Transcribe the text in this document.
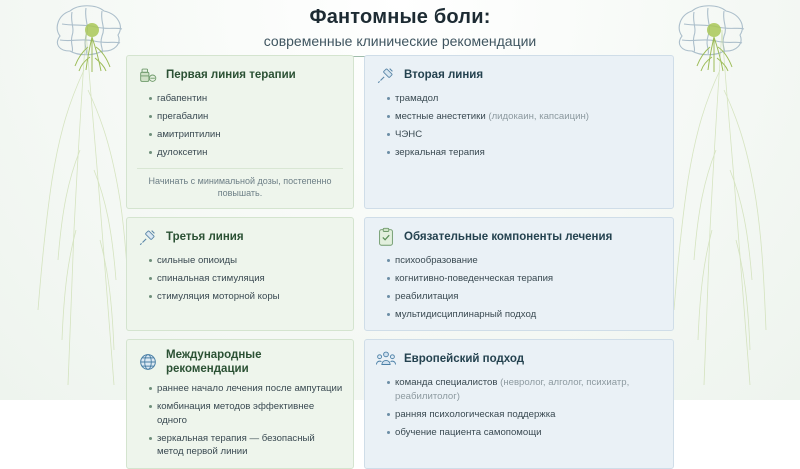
Фантомные боли:

современные клинические рекомендации

Первая линия терапии
габапентин
прегабалин
амитриптилин
дулоксетин
Начинать с минимальной дозы, постепенно повышать.
Вторая линия
трамадол
местные анестетики (лидокаин, капсаицин)
ЧЭНС
зеркальная терапия
Третья линия
сильные опиоиды
спинальная стимуляция
стимуляция моторной коры
Обязательные компоненты лечения
психообразование
когнитивно-поведенческая терапия
реабилитация
мультидисциплинарный подход
Международные рекомендации
раннее начало лечения после ампутации
комбинация методов эффективнее одного
зеркальная терапия — безопасный метод первой линии
Европейский подход
команда специалистов (невролог, алголог, психиатр, реабилитолог)
ранняя психологическая поддержка
обучение пациента самопомощи
